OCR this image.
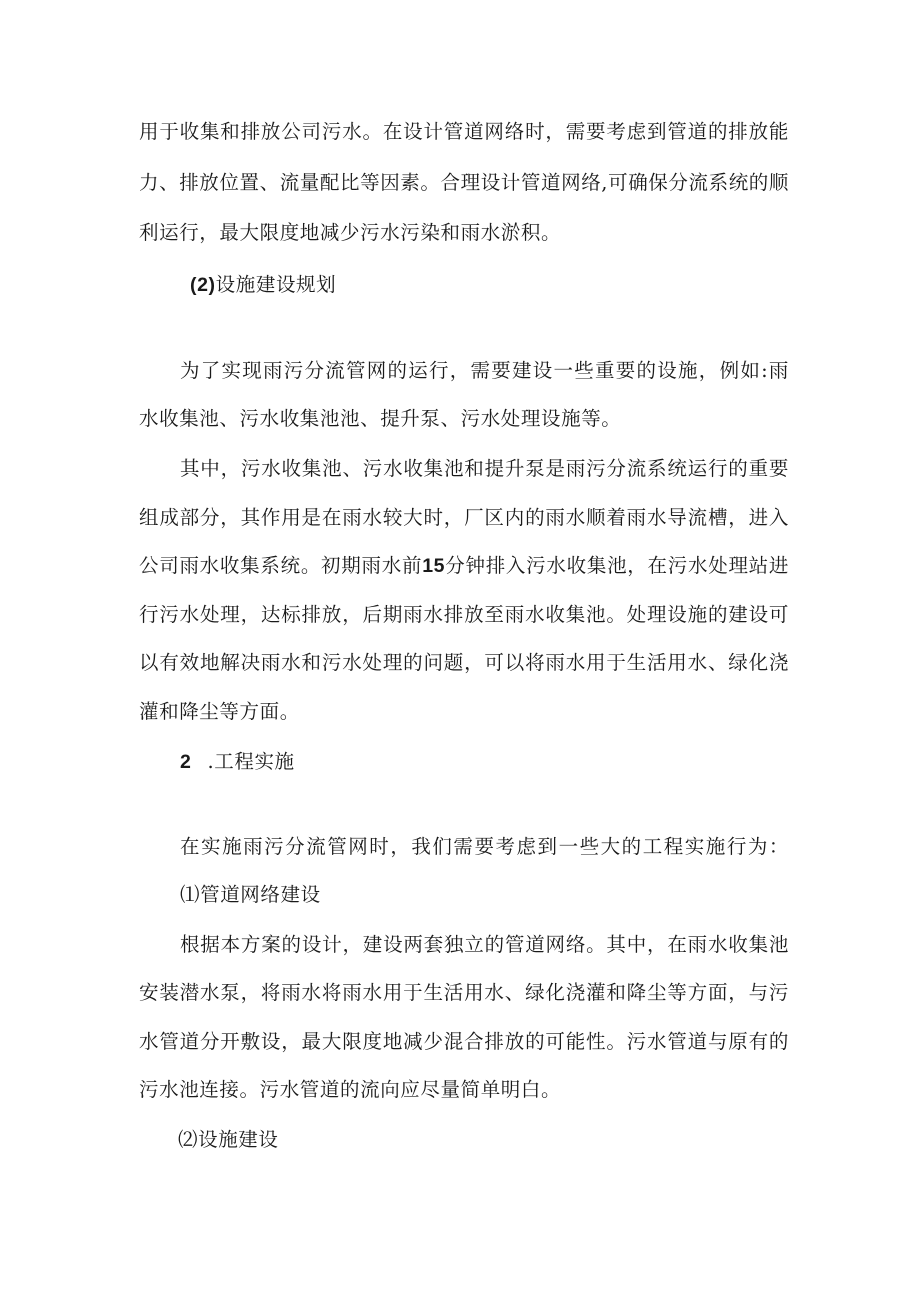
用于收集和排放公司污水。在设计管道网络时，需要考虑到管道的排放能
力、排放位置、流量配比等因素。合理设计管道网络,可确保分流系统的顺
利运行，最大限度地减少污水污染和雨水淤积。
(2)设施建设规划
为了实现雨污分流管网的运行，需要建设一些重要的设施，例如:雨
水收集池、污水收集池池、提升泵、污水处理设施等。
其中，污水收集池、污水收集池和提升泵是雨污分流系统运行的重要
组成部分，其作用是在雨水较大时，厂区内的雨水顺着雨水导流槽，进入
公司雨水收集系统。初期雨水前15分钟排入污水收集池，在污水处理站进
行污水处理，达标排放，后期雨水排放至雨水收集池。处理设施的建设可
以有效地解决雨水和污水处理的问题，可以将雨水用于生活用水、绿化浇
灌和降尘等方面。
2 .工程实施
在实施雨污分流管网时，我们需要考虑到一些大的工程实施行为：
⑴管道网络建设
根据本方案的设计，建设两套独立的管道网络。其中，在雨水收集池
安装潜水泵，将雨水将雨水用于生活用水、绿化浇灌和降尘等方面，与污
水管道分开敷设，最大限度地减少混合排放的可能性。污水管道与原有的
污水池连接。污水管道的流向应尽量简单明白。
⑵设施建设
